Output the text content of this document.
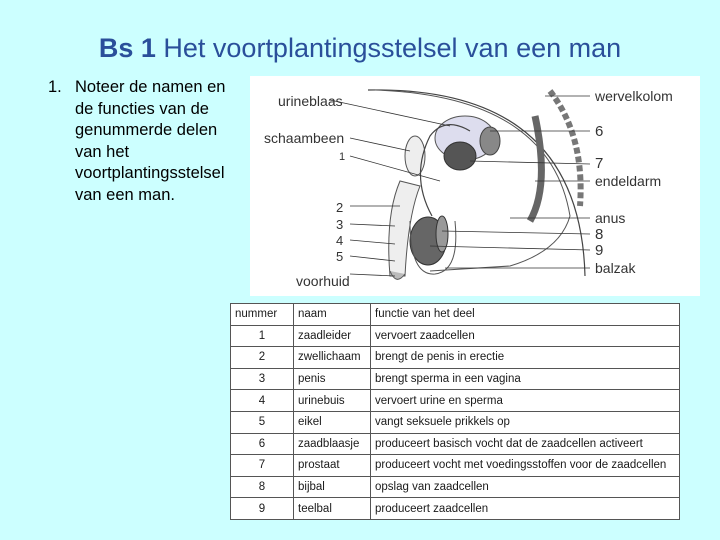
Bs 1 Het voortplantingsstelsel van een man
1. Noteer de namen en de functies van de genummerde delen van het voortplantingsstelsel van een man.
urineblaas
schaambeen
1
2
3
4
5
voorhuid
wervelkolom
6
7
endeldarm
anus
8
9
balzak
nummer	naam	functie van het deel
1	zaadleider	vervoert zaadcellen
2	zwellichaam	brengt de penis in erectie
3	penis	brengt sperma in een vagina
4	urinebuis	vervoert urine en sperma
5	eikel	vangt seksuele prikkels op
6	zaadblaasje	produceert basisch vocht dat de zaadcellen activeert
7	prostaat	produceert vocht met voedingsstoffen voor de zaadcellen
8	bijbal	opslag van zaadcellen
9	teelbal	produceert zaadcellen
